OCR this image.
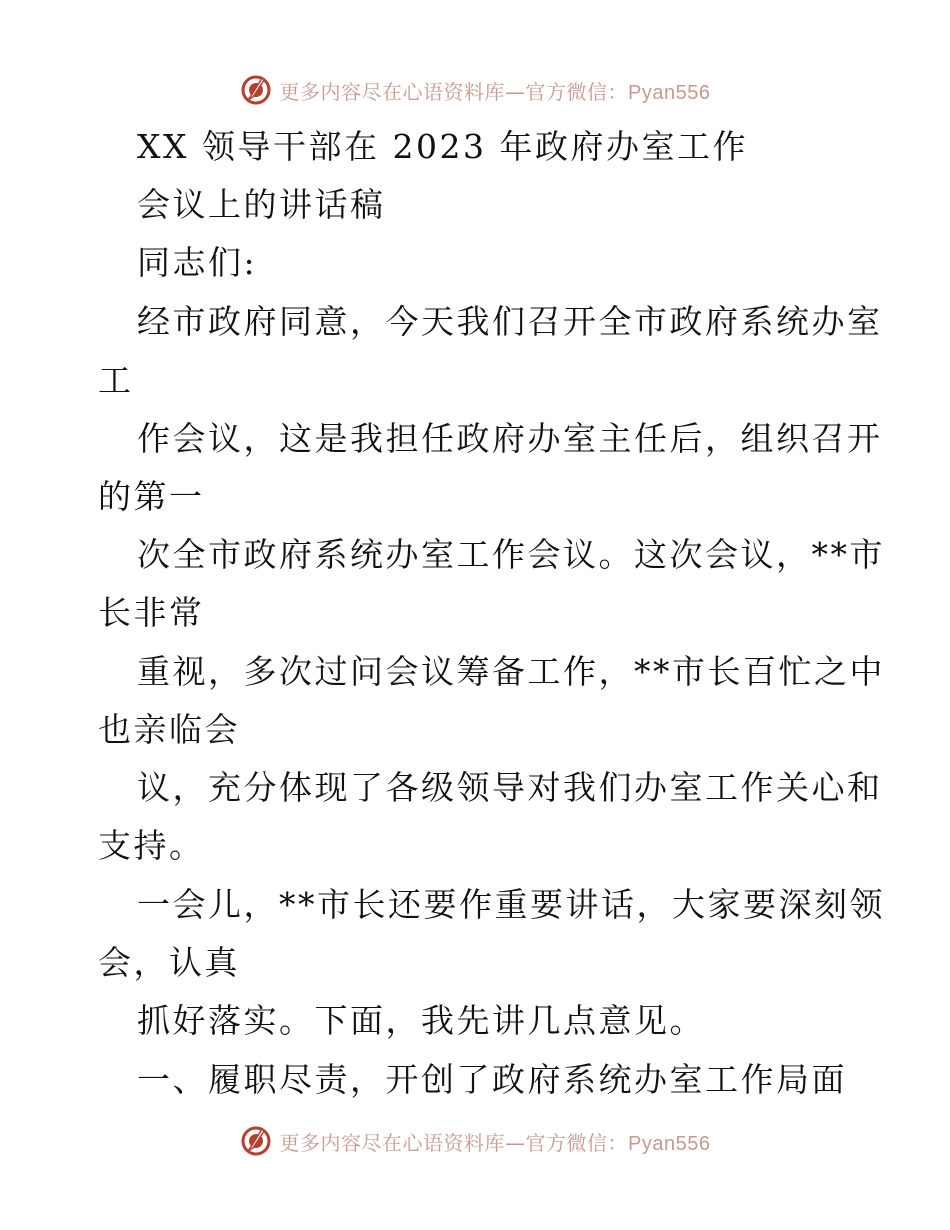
更多内容尽在心语资料库—官方微信：Pyan556
XX 领导干部在 2023 年政府办室工作
会议上的讲话稿
同志们:
经市政府同意，今天我们召开全市政府系统办室
工
作会议，这是我担任政府办室主任后，组织召开
的第一
次全市政府系统办室工作会议。这次会议，**市
长非常
重视，多次过问会议筹备工作，**市长百忙之中
也亲临会
议，充分体现了各级领导对我们办室工作关心和
支持。
一会儿，**市长还要作重要讲话，大家要深刻领
会，认真
抓好落实。下面，我先讲几点意见。
一、履职尽责，开创了政府系统办室工作局面
更多内容尽在心语资料库—官方微信：Pyan556
